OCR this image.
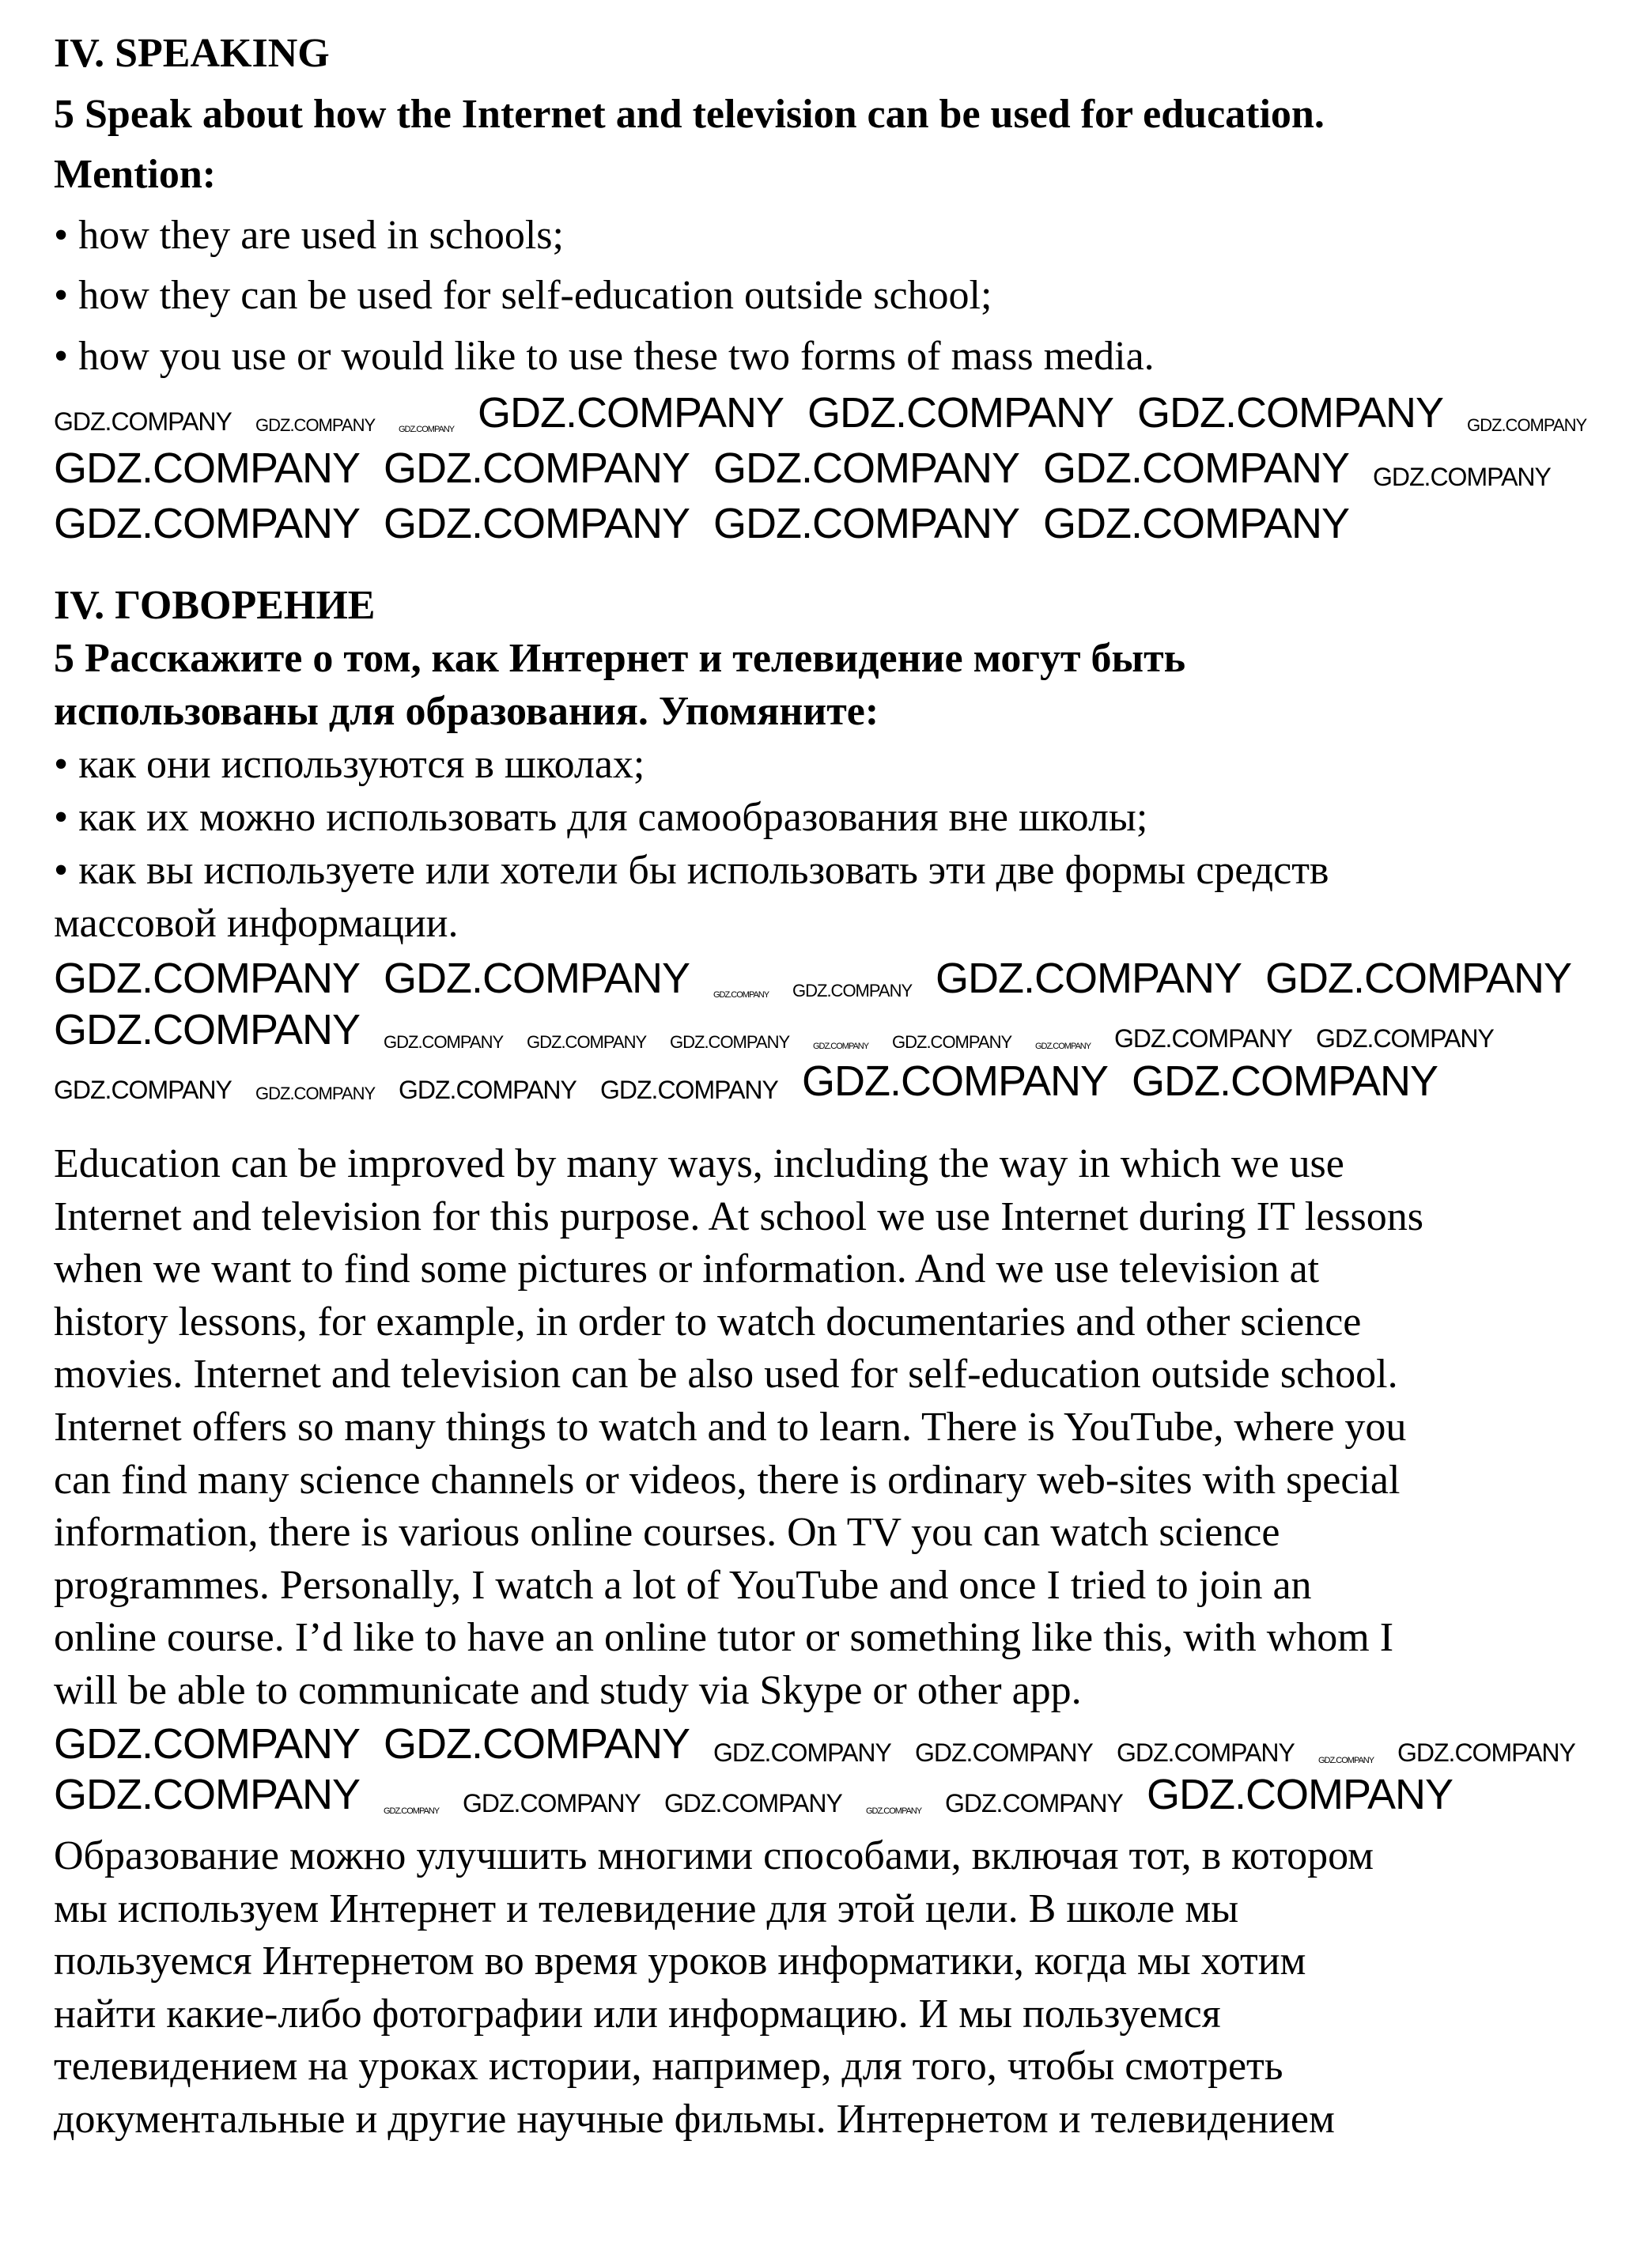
IV. SPEAKING
5 Speak about how the Internet and television can be used for education.
Mention:
• how they are used in schools;
• how they can be used for self-education outside school;
• how you use or would like to use these two forms of mass media.
IV. ГОВОРЕНИЕ
5 Расскажите о том, как Интернет и телевидение могут быть
использованы для образования. Упомяните:
• как они используются в школах;
• как их можно использовать для самообразования вне школы;
• как вы используете или хотели бы использовать эти две формы средств
массовой информации.
Education can be improved by many ways, including the way in which we use
Internet and television for this purpose. At school we use Internet during IT lessons
when we want to find some pictures or information. And we use television at
history lessons, for example, in order to watch documentaries and other science
movies. Internet and television can be also used for self-education outside school.
Internet offers so many things to watch and to learn. There is YouTube, where you
can find many science channels or videos, there is ordinary web-sites with special
information, there is various online courses. On TV you can watch science
programmes. Personally, I watch a lot of YouTube and once I tried to join an
online course. I’d like to have an online tutor or something like this, with whom I
will be able to communicate and study via Skype or other app.
Образование можно улучшить многими способами, включая тот, в котором
мы используем Интернет и телевидение для этой цели. В школе мы
пользуемся Интернетом во время уроков информатики, когда мы хотим
найти какие-либо фотографии или информацию. И мы пользуемся
телевидением на уроках истории, например, для того, чтобы смотреть
документальные и другие научные фильмы. Интернетом и телевидением
GDZ.COMPANY GDZ.COMPANY	GDZ.COMPANY GDZ.COMPANY GDZ.COMPANY GDZ.COMPANY GDZ.COMPANY
GDZ.COMPANY GDZ.COMPANY GDZ.COMPANY GDZ.COMPANY GDZ.COMPANY
GDZ.COMPANY GDZ.COMPANY GDZ.COMPANY GDZ.COMPANY
GDZ.COMPANY GDZ.COMPANY	GDZ.COMPANY GDZ.COMPANY GDZ.COMPANY GDZ.COMPANY
GDZ.COMPANY GDZ.COMPANY GDZ.COMPANY GDZ.COMPANY	GDZ.COMPANY GDZ.COMPANY	GDZ.COMPANY GDZ.COMPANY GDZ.COMPANY
GDZ.COMPANY GDZ.COMPANY GDZ.COMPANY GDZ.COMPANY GDZ.COMPANY GDZ.COMPANY
GDZ.COMPANY GDZ.COMPANY GDZ.COMPANY GDZ.COMPANY GDZ.COMPANY	GDZ.COMPANY GDZ.COMPANY
GDZ.COMPANY	GDZ.COMPANY GDZ.COMPANY GDZ.COMPANY	GDZ.COMPANY GDZ.COMPANY GDZ.COMPANY
